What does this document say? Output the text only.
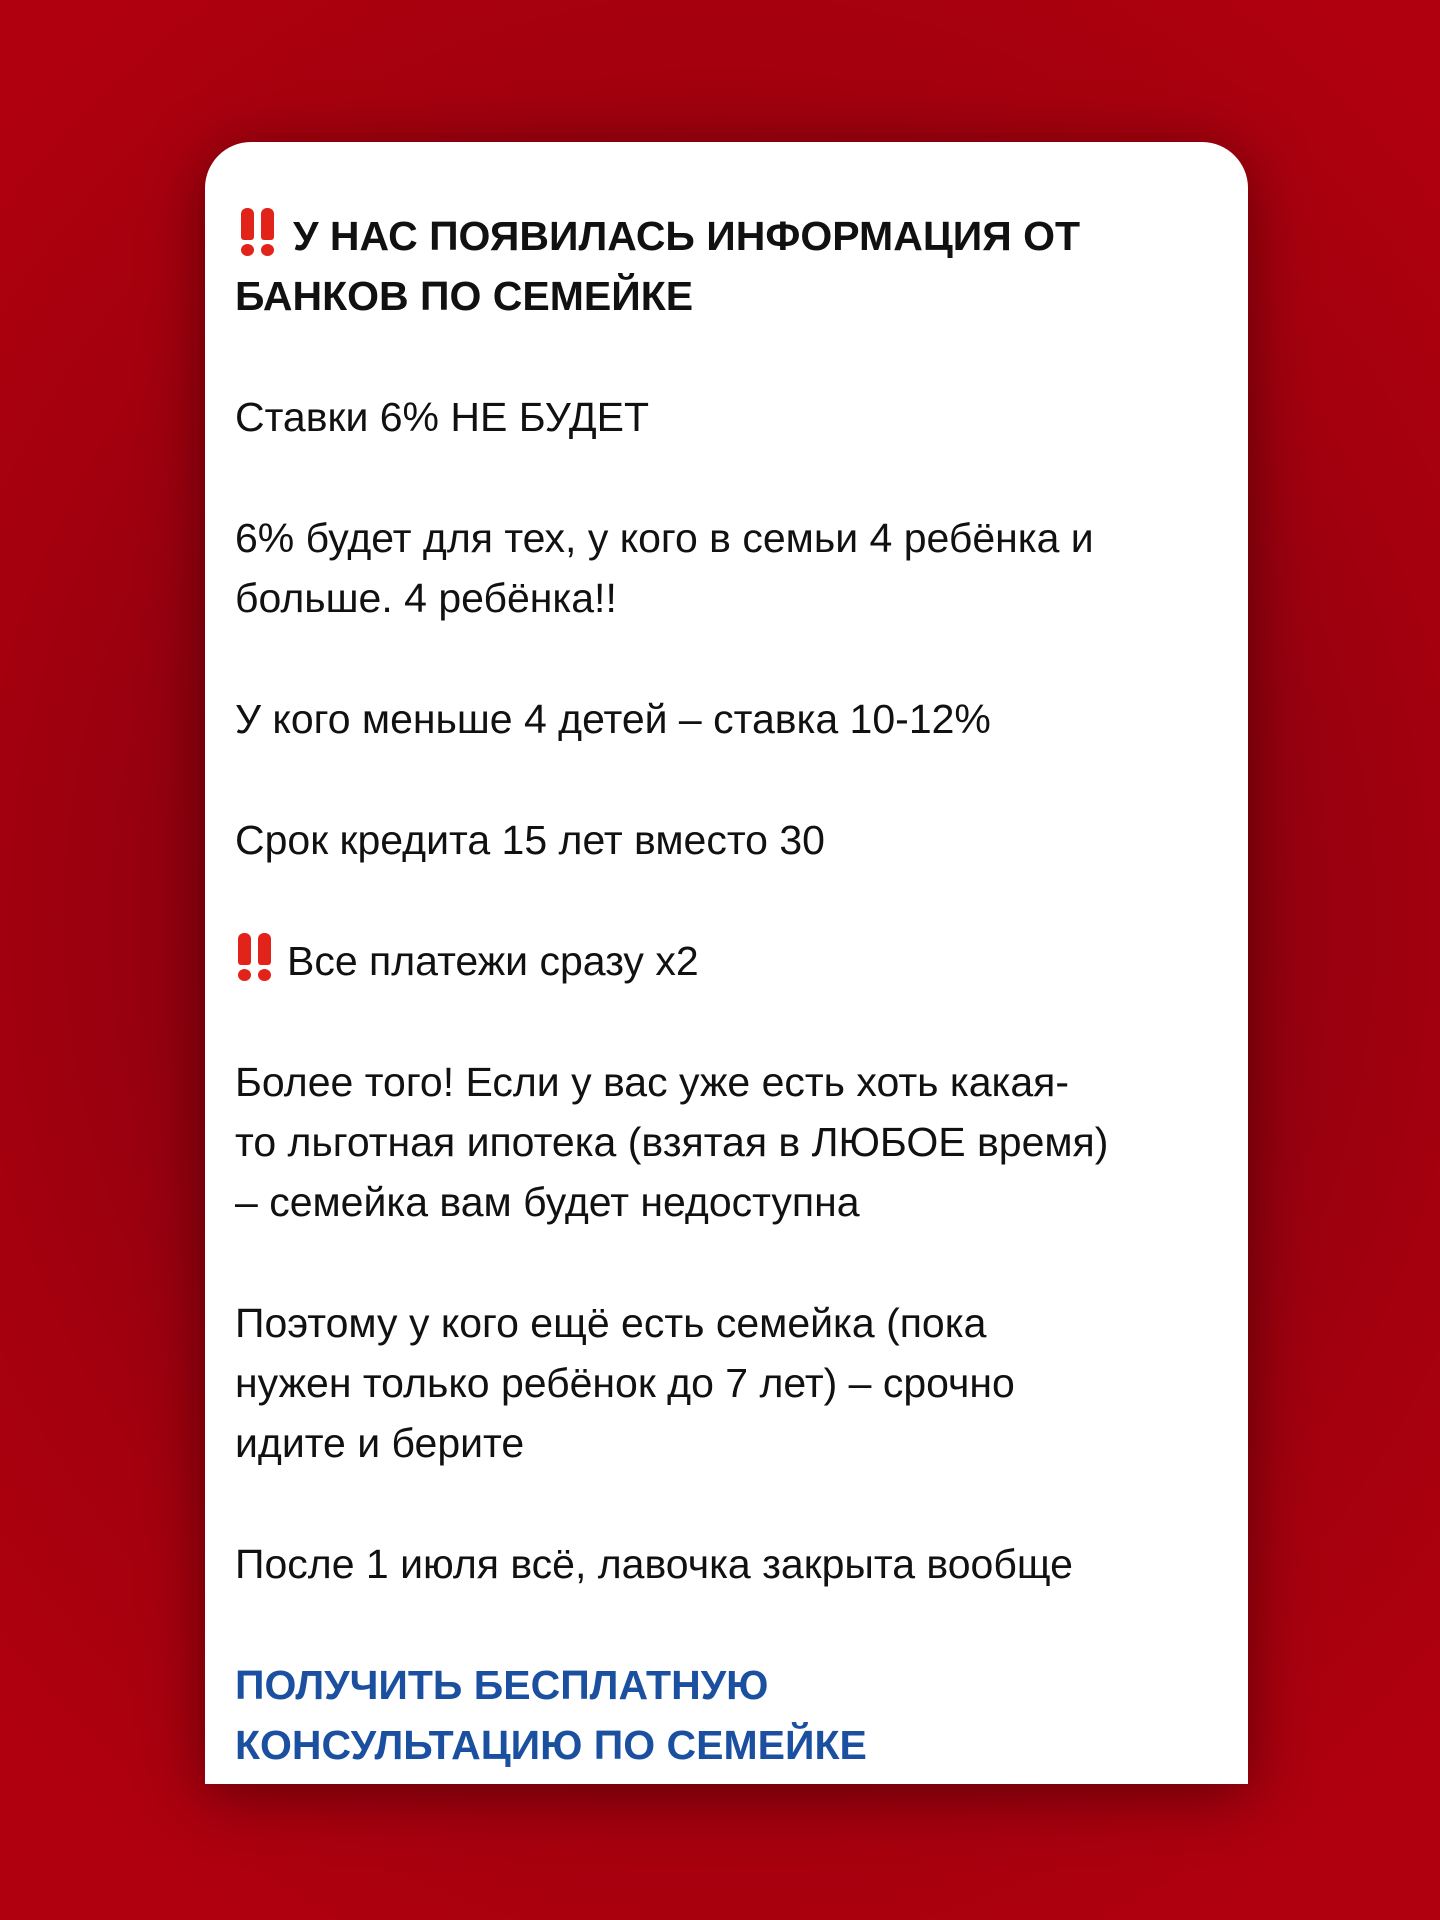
У НАС ПОЯВИЛАСЬ ИНФОРМАЦИЯ ОТ
БАНКОВ ПО СЕМЕЙКЕ

Ставки 6% НЕ БУДЕТ

6% будет для тех, у кого в семьи 4 ребёнка и
больше. 4 ребёнка!!

У кого меньше 4 детей – ставка 10-12%

Срок кредита 15 лет вместо 30

Все платежи сразу х2

Более того! Если у вас уже есть хоть какая-
то льготная ипотека (взятая в ЛЮБОЕ время)
– семейка вам будет недоступна

Поэтому у кого ещё есть семейка (пока
нужен только ребёнок до 7 лет) – срочно
идите и берите

После 1 июля всё, лавочка закрыта вообще

ПОЛУЧИТЬ БЕСПЛАТНУЮ
КОНСУЛЬТАЦИЮ ПО СЕМЕЙКЕ
